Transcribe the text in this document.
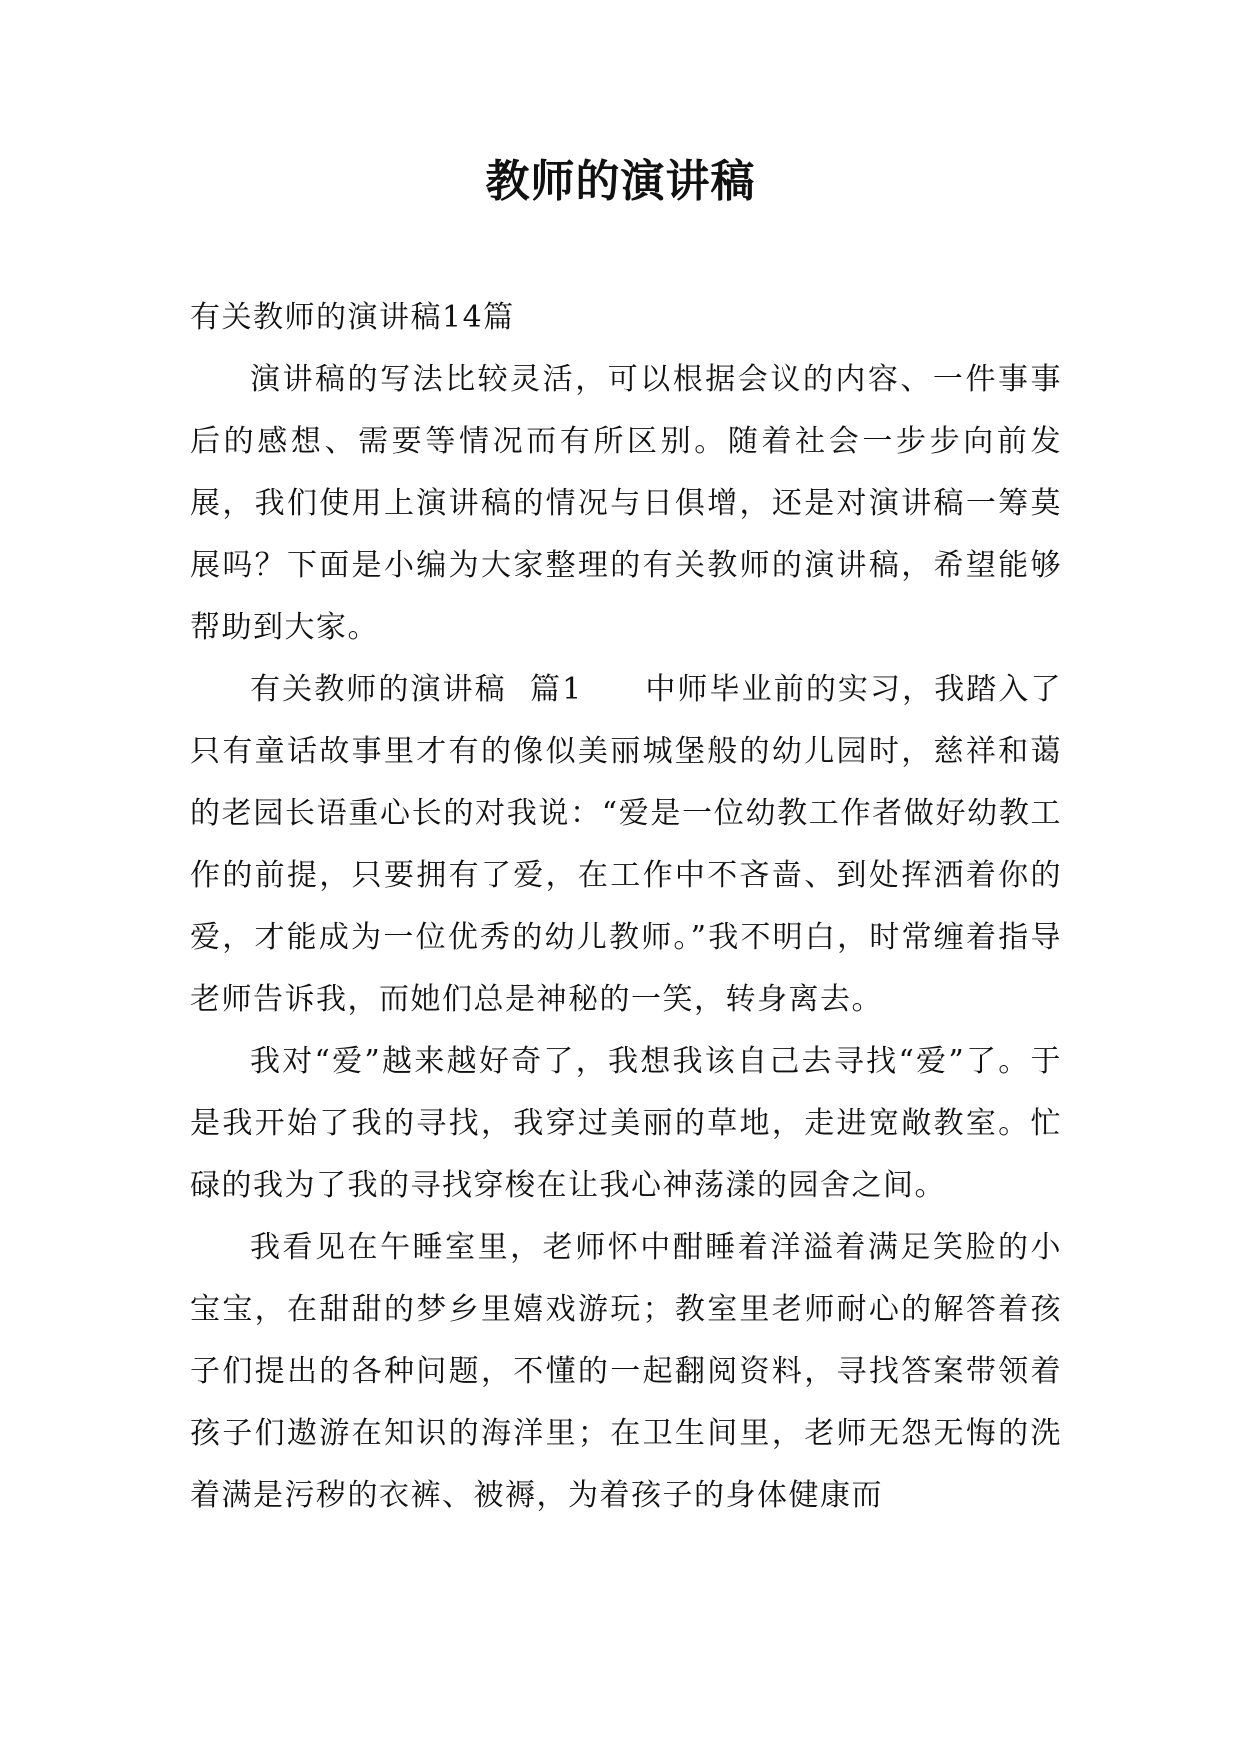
教师的演讲稿

有关教师的演讲稿14篇

演讲稿的写法比较灵活，可以根据会议的内容、一件事事后的感想、需要等情况而有所区别。随着社会一步步向前发展，我们使用上演讲稿的情况与日俱增，还是对演讲稿一筹莫展吗？下面是小编为大家整理的有关教师的演讲稿，希望能够帮助到大家。

有关教师的演讲稿  篇1 中师毕业前的实习，我踏入了只有童话故事里才有的像似美丽城堡般的幼儿园时，慈祥和蔼的老园长语重心长的对我说：“爱是一位幼教工作者做好幼教工作的前提，只要拥有了爱，在工作中不吝啬、到处挥洒着你的爱，才能成为一位优秀的幼儿教师。”我不明白，时常缠着指导老师告诉我，而她们总是神秘的一笑，转身离去。

我对“爱”越来越好奇了，我想我该自己去寻找“爱”了。于是我开始了我的寻找，我穿过美丽的草地，走进宽敞教室。忙碌的我为了我的寻找穿梭在让我心神荡漾的园舍之间。

我看见在午睡室里，老师怀中酣睡着洋溢着满足笑脸的小宝宝，在甜甜的梦乡里嬉戏游玩；教室里老师耐心的解答着孩子们提出的各种问题，不懂的一起翻阅资料，寻找答案带领着孩子们遨游在知识的海洋里；在卫生间里，老师无怨无悔的洗着满是污秽的衣裤、被褥，为着孩子的身体健康而
